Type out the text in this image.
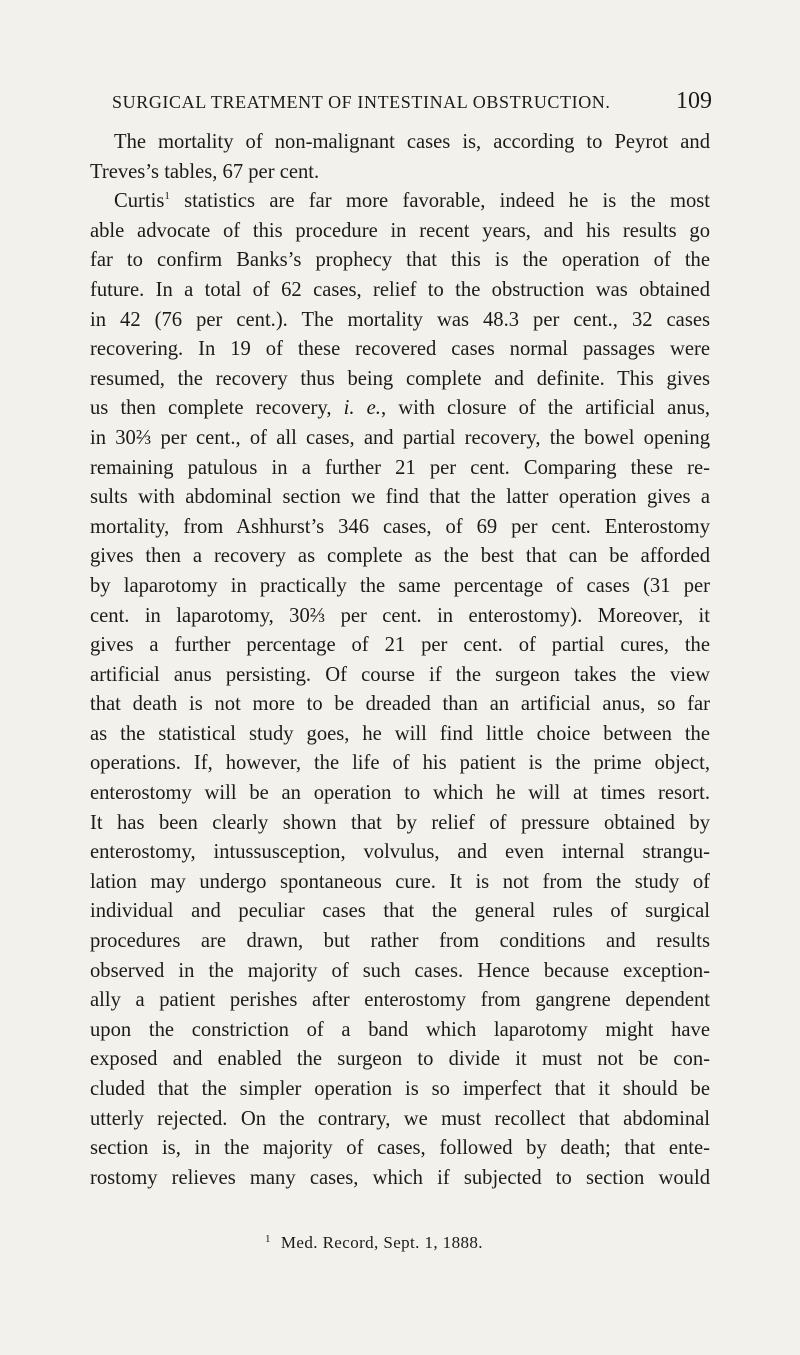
SURGICAL TREATMENT OF INTESTINAL OBSTRUCTION.	109
The mortality of non-malignant cases is, according to Peyrot and
Treves’s tables, 67 per cent.
Curtis$^1$ statistics are far more favorable, indeed he is the most
able advocate of this procedure in recent years, and his results go
far to confirm Banks’s prophecy that this is the operation of the
future. In a total of 62 cases, relief to the obstruction was obtained
in 42 (76 per cent.). The mortality was 48.3 per cent., 32 cases
recovering. In 19 of these recovered cases normal passages were
resumed, the recovery thus being complete and definite. This gives
us then complete recovery, i. e., with closure of the artificial anus,
in 30⅔ per cent., of all cases, and partial recovery, the bowel opening
remaining patulous in a further 21 per cent. Comparing these re-
sults with abdominal section we find that the latter operation gives a
mortality, from Ashhurst’s 346 cases, of 69 per cent. Enterostomy
gives then a recovery as complete as the best that can be afforded
by laparotomy in practically the same percentage of cases (31 per
cent. in laparotomy, 30⅔ per cent. in enterostomy). Moreover, it
gives a further percentage of 21 per cent. of partial cures, the
artificial anus persisting. Of course if the surgeon takes the view
that death is not more to be dreaded than an artificial anus, so far
as the statistical study goes, he will find little choice between the
operations. If, however, the life of his patient is the prime object,
enterostomy will be an operation to which he will at times resort.
It has been clearly shown that by relief of pressure obtained by
enterostomy, intussusception, volvulus, and even internal strangu-
lation may undergo spontaneous cure. It is not from the study of
individual and peculiar cases that the general rules of surgical
procedures are drawn, but rather from conditions and results
observed in the majority of such cases. Hence because exception-
ally a patient perishes after enterostomy from gangrene dependent
upon the constriction of a band which laparotomy might have
exposed and enabled the surgeon to divide it must not be con-
cluded that the simpler operation is so imperfect that it should be
utterly rejected. On the contrary, we must recollect that abdominal
section is, in the majority of cases, followed by death; that ente-
rostomy relieves many cases, which if subjected to section would
$^1$ Med. Record, Sept. 1, 1888.
